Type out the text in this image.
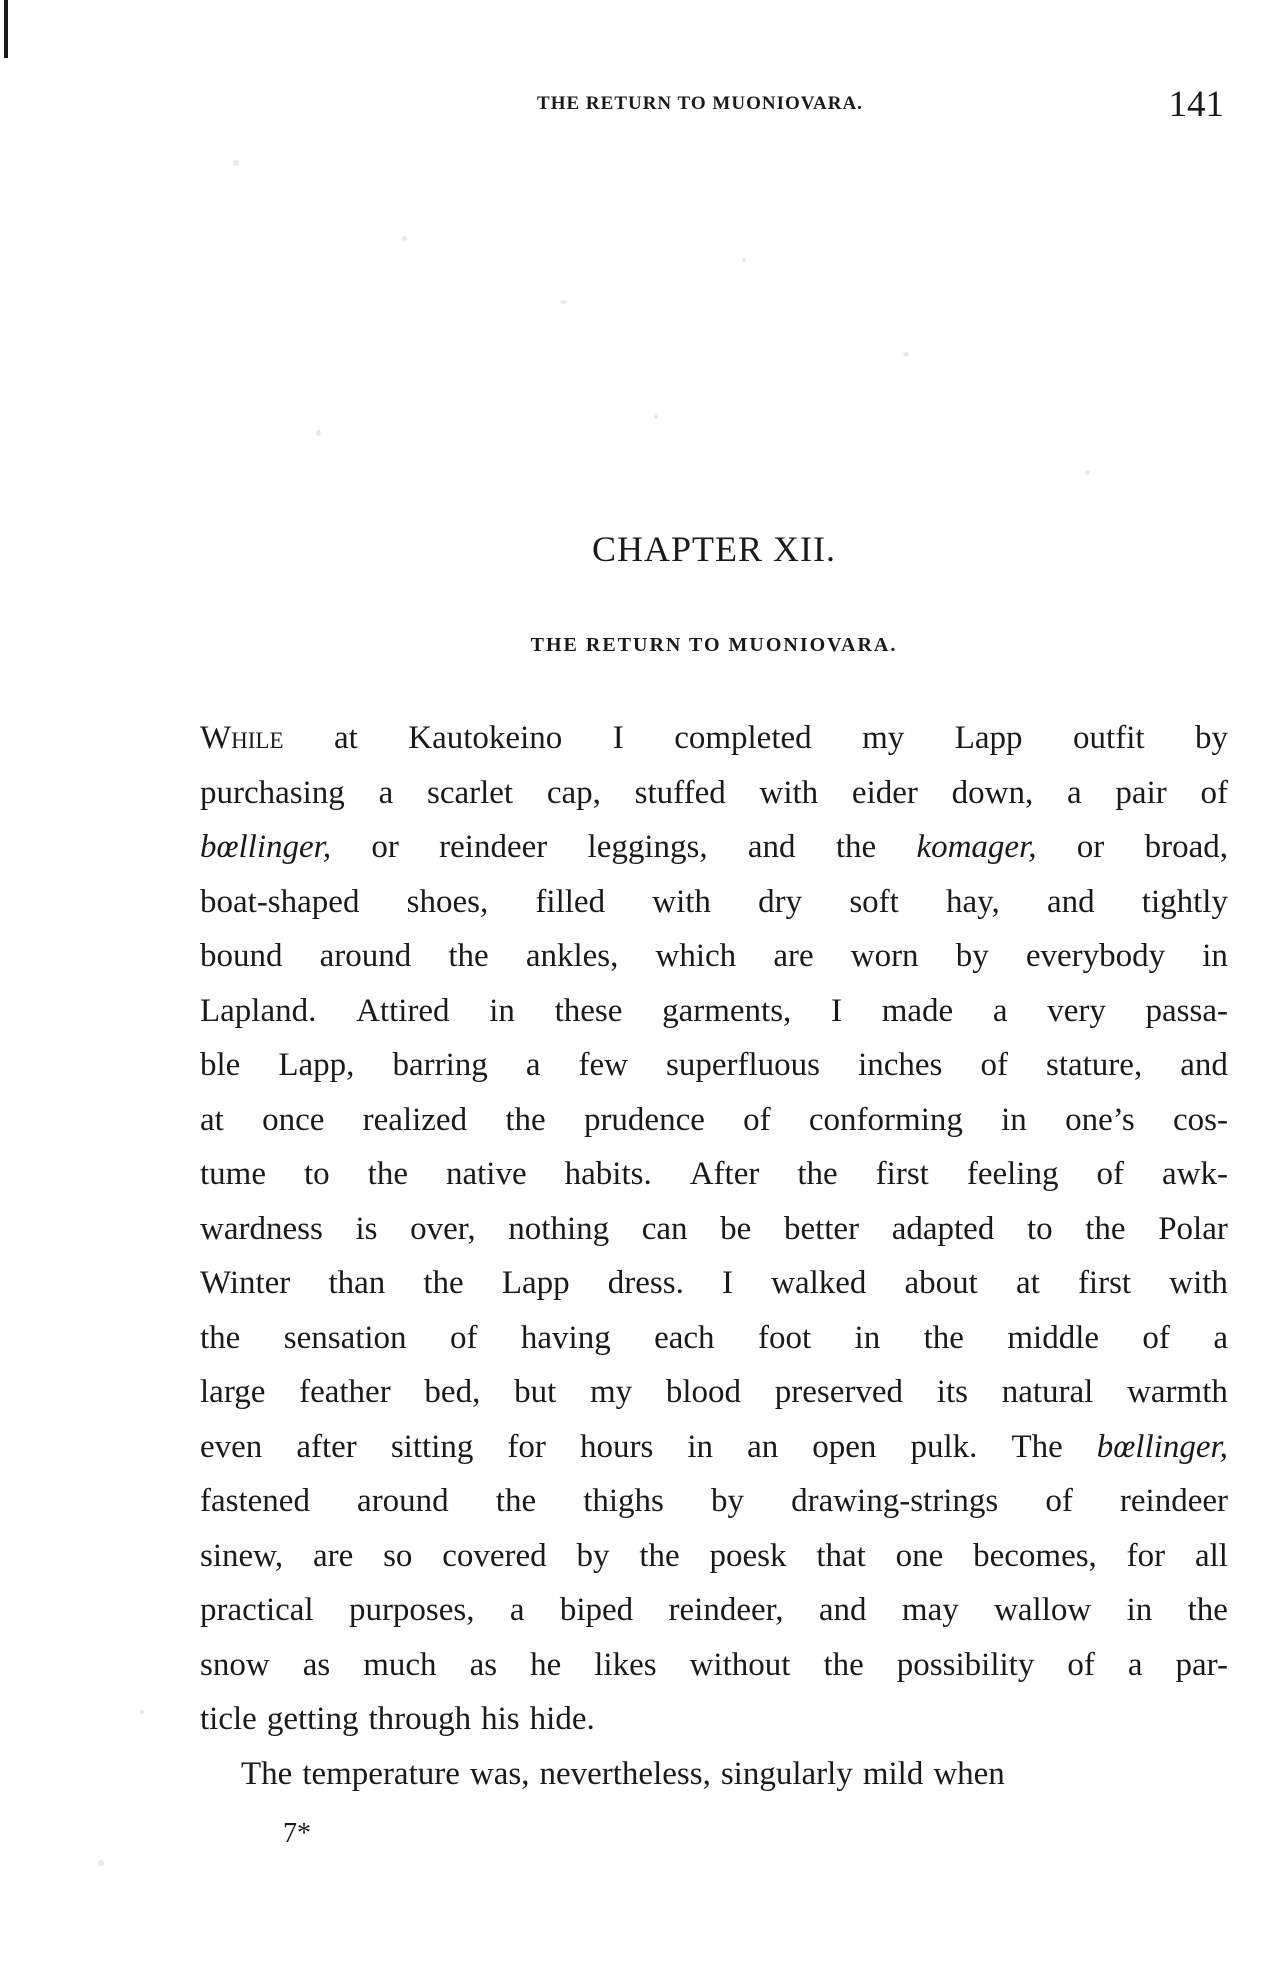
THE RETURN TO MUONIOVARA.	141
CHAPTER XII.
THE RETURN TO MUONIOVARA.
While at Kautokeino I completed my Lapp outfit by
purchasing a scarlet cap, stuffed with eider down, a pair of
bœllinger, or reindeer leggings, and the komager, or broad,
boat-shaped shoes, filled with dry soft hay, and tightly
bound around the ankles, which are worn by everybody in
Lapland. Attired in these garments, I made a very passa-
ble Lapp, barring a few superfluous inches of stature, and
at once realized the prudence of conforming in one’s cos-
tume to the native habits. After the first feeling of awk-
wardness is over, nothing can be better adapted to the Polar
Winter than the Lapp dress. I walked about at first with
the sensation of having each foot in the middle of a
large feather bed, but my blood preserved its natural warmth
even after sitting for hours in an open pulk. The bœllinger,
fastened around the thighs by drawing-strings of reindeer
sinew, are so covered by the poesk that one becomes, for all
practical purposes, a biped reindeer, and may wallow in the
snow as much as he likes without the possibility of a par-
ticle getting through his hide.
The temperature was, nevertheless, singularly mild when
7*
